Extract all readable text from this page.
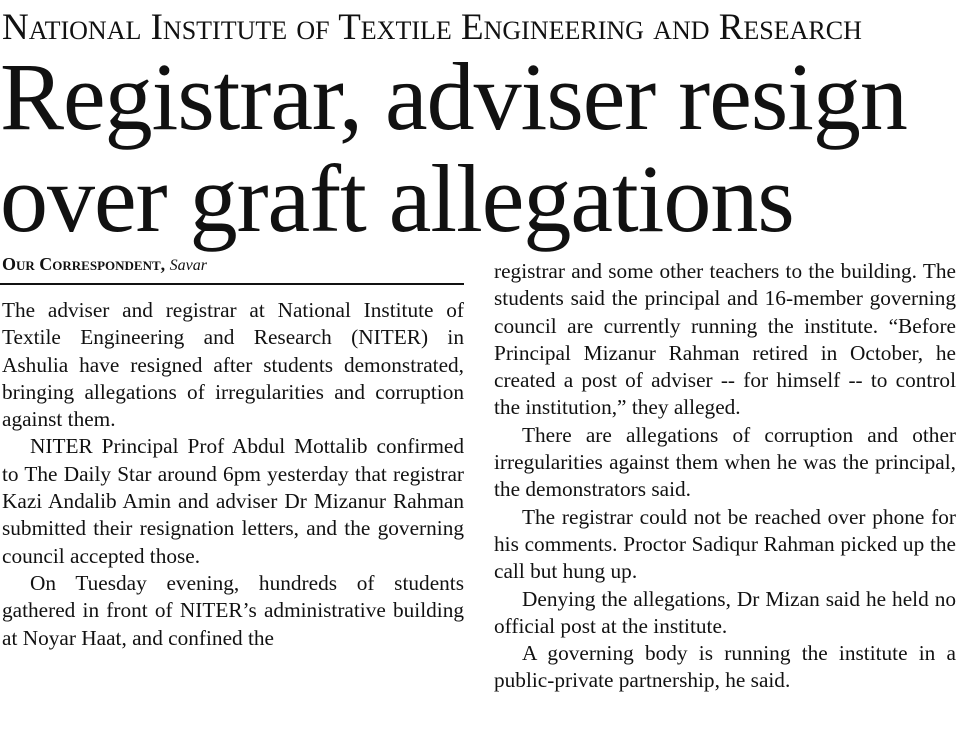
National Institute of Textile Engineering and Research
Registrar, adviser resign
over graft allegations
Our Correspondent, Savar

The adviser and registrar at National Institute of Textile Engineering and Research (NITER) in Ashulia have resigned after students demonstrated, bringing allegations of irregularities and corruption against them.

NITER Principal Prof Abdul Mottalib confirmed to The Daily Star around 6pm yesterday that registrar Kazi Andalib Amin and adviser Dr Mizanur Rahman submitted their resignation letters, and the governing council accepted those.

On Tuesday evening, hundreds of students gathered in front of NITER’s administrative building at Noyar Haat, and confined the

registrar and some other teachers to the building. The students said the principal and 16-member governing council are currently running the institute. “Before Principal Mizanur Rahman retired in October, he created a post of adviser -- for himself -- to control the institution,” they alleged.

There are allegations of corruption and other irregularities against them when he was the principal, the demonstrators said.

The registrar could not be reached over phone for his comments. Proctor Sadiqur Rahman picked up the call but hung up.

Denying the allegations, Dr Mizan said he held no official post at the institute.

A governing body is running the institute in a public-private partnership, he said.
